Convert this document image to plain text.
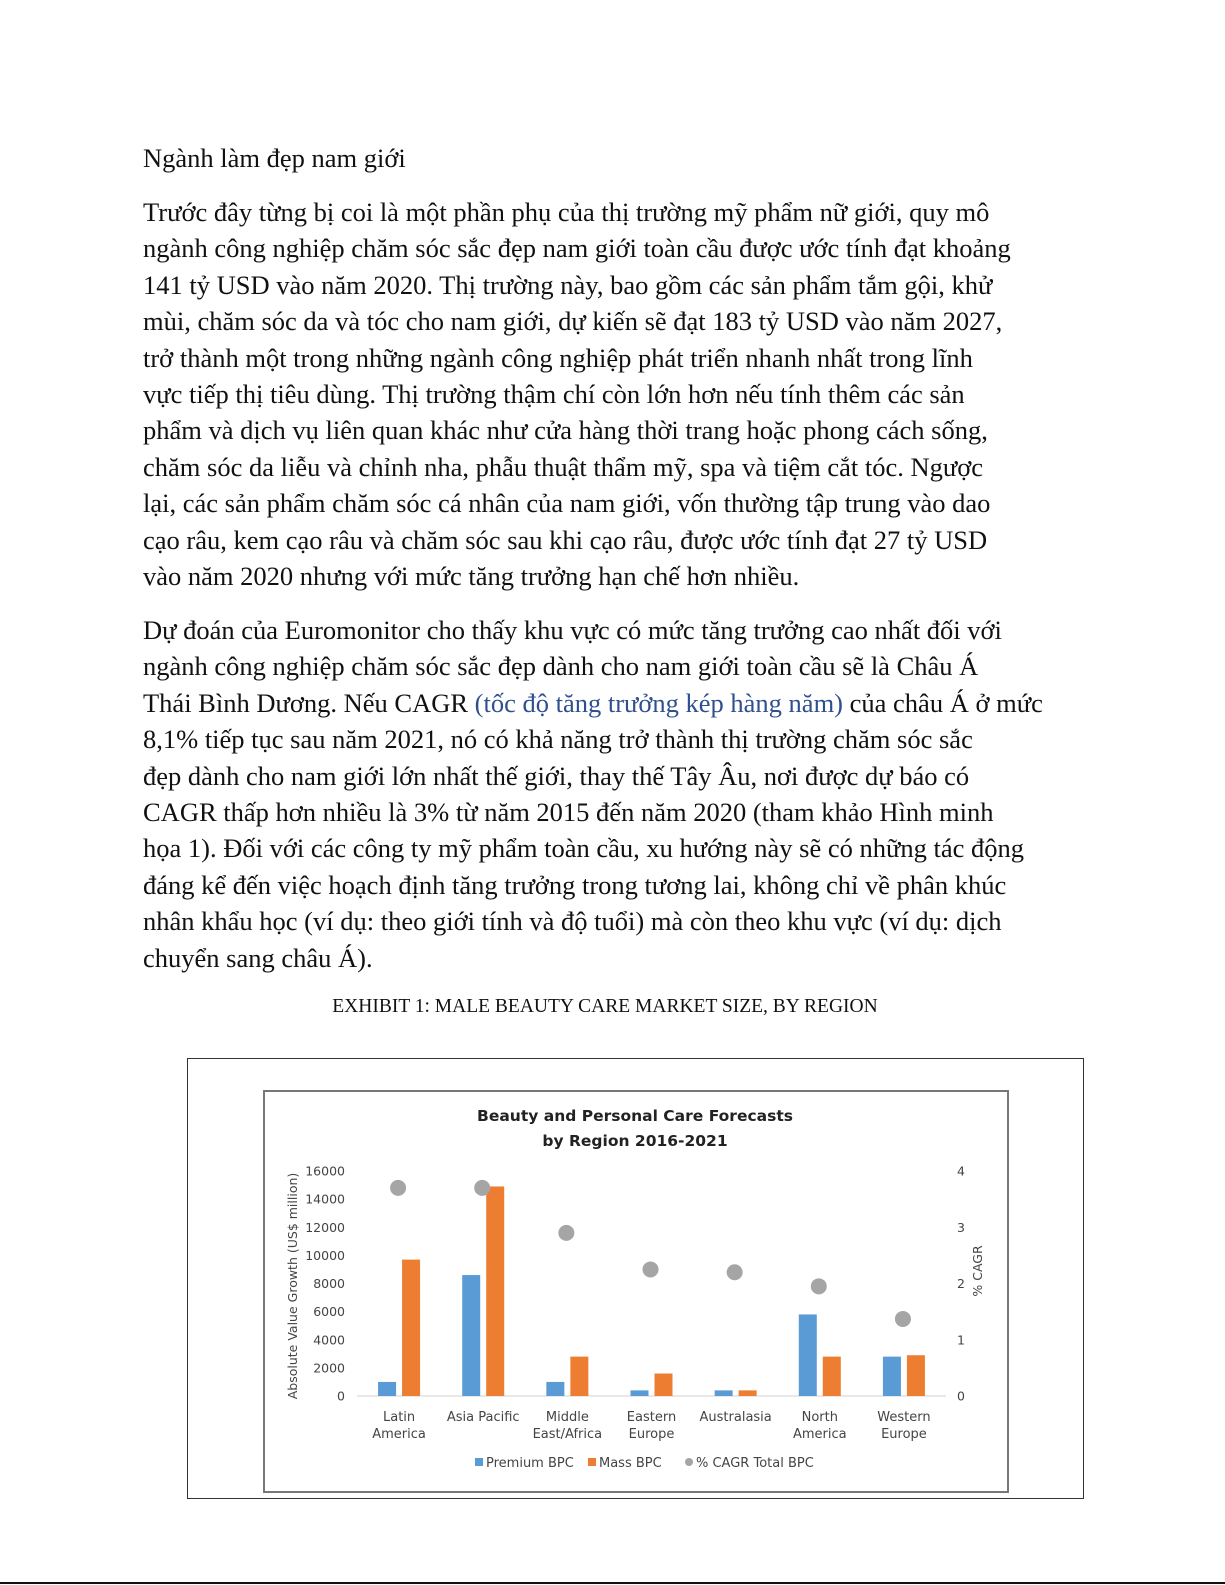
Ngành làm đẹp nam giới
Trước đây từng bị coi là một phần phụ của thị trường mỹ phẩm nữ giới, quy mô
ngành công nghiệp chăm sóc sắc đẹp nam giới toàn cầu được ước tính đạt khoảng
141 tỷ USD vào năm 2020. Thị trường này, bao gồm các sản phẩm tắm gội, khử
mùi, chăm sóc da và tóc cho nam giới, dự kiến sẽ đạt 183 tỷ USD vào năm 2027,
trở thành một trong những ngành công nghiệp phát triển nhanh nhất trong lĩnh
vực tiếp thị tiêu dùng. Thị trường thậm chí còn lớn hơn nếu tính thêm các sản
phẩm và dịch vụ liên quan khác như cửa hàng thời trang hoặc phong cách sống,
chăm sóc da liễu và chỉnh nha, phẫu thuật thẩm mỹ, spa và tiệm cắt tóc. Ngược
lại, các sản phẩm chăm sóc cá nhân của nam giới, vốn thường tập trung vào dao
cạo râu, kem cạo râu và chăm sóc sau khi cạo râu, được ước tính đạt 27 tỷ USD
vào năm 2020 nhưng với mức tăng trưởng hạn chế hơn nhiều.
Dự đoán của Euromonitor cho thấy khu vực có mức tăng trưởng cao nhất đối với
ngành công nghiệp chăm sóc sắc đẹp dành cho nam giới toàn cầu sẽ là Châu Á
Thái Bình Dương. Nếu CAGR (tốc độ tăng trưởng kép hàng năm) của châu Á ở mức
8,1% tiếp tục sau năm 2021, nó có khả năng trở thành thị trường chăm sóc sắc
đẹp dành cho nam giới lớn nhất thế giới, thay thế Tây Âu, nơi được dự báo có
CAGR thấp hơn nhiều là 3% từ năm 2015 đến năm 2020 (tham khảo Hình minh
họa 1). Đối với các công ty mỹ phẩm toàn cầu, xu hướng này sẽ có những tác động
đáng kể đến việc hoạch định tăng trưởng trong tương lai, không chỉ về phân khúc
nhân khẩu học (ví dụ: theo giới tính và độ tuổi) mà còn theo khu vực (ví dụ: dịch
chuyển sang châu Á).
EXHIBIT 1: MALE BEAUTY CARE MARKET SIZE, BY REGION
Beauty and Personal Care Forecasts
by Region 2016-2021
0
2000
4000
6000
8000
10000
12000
14000
16000
0
1
2
3
4
Absolute Value Growth (US$ million)	% CAGR
Latin
America
Asia Pacific Middle
East/Africa
Eastern
Europe
Australasia North
America
Western
Europe
Premium BPC Mass BPC	% CAGR Total BPC
